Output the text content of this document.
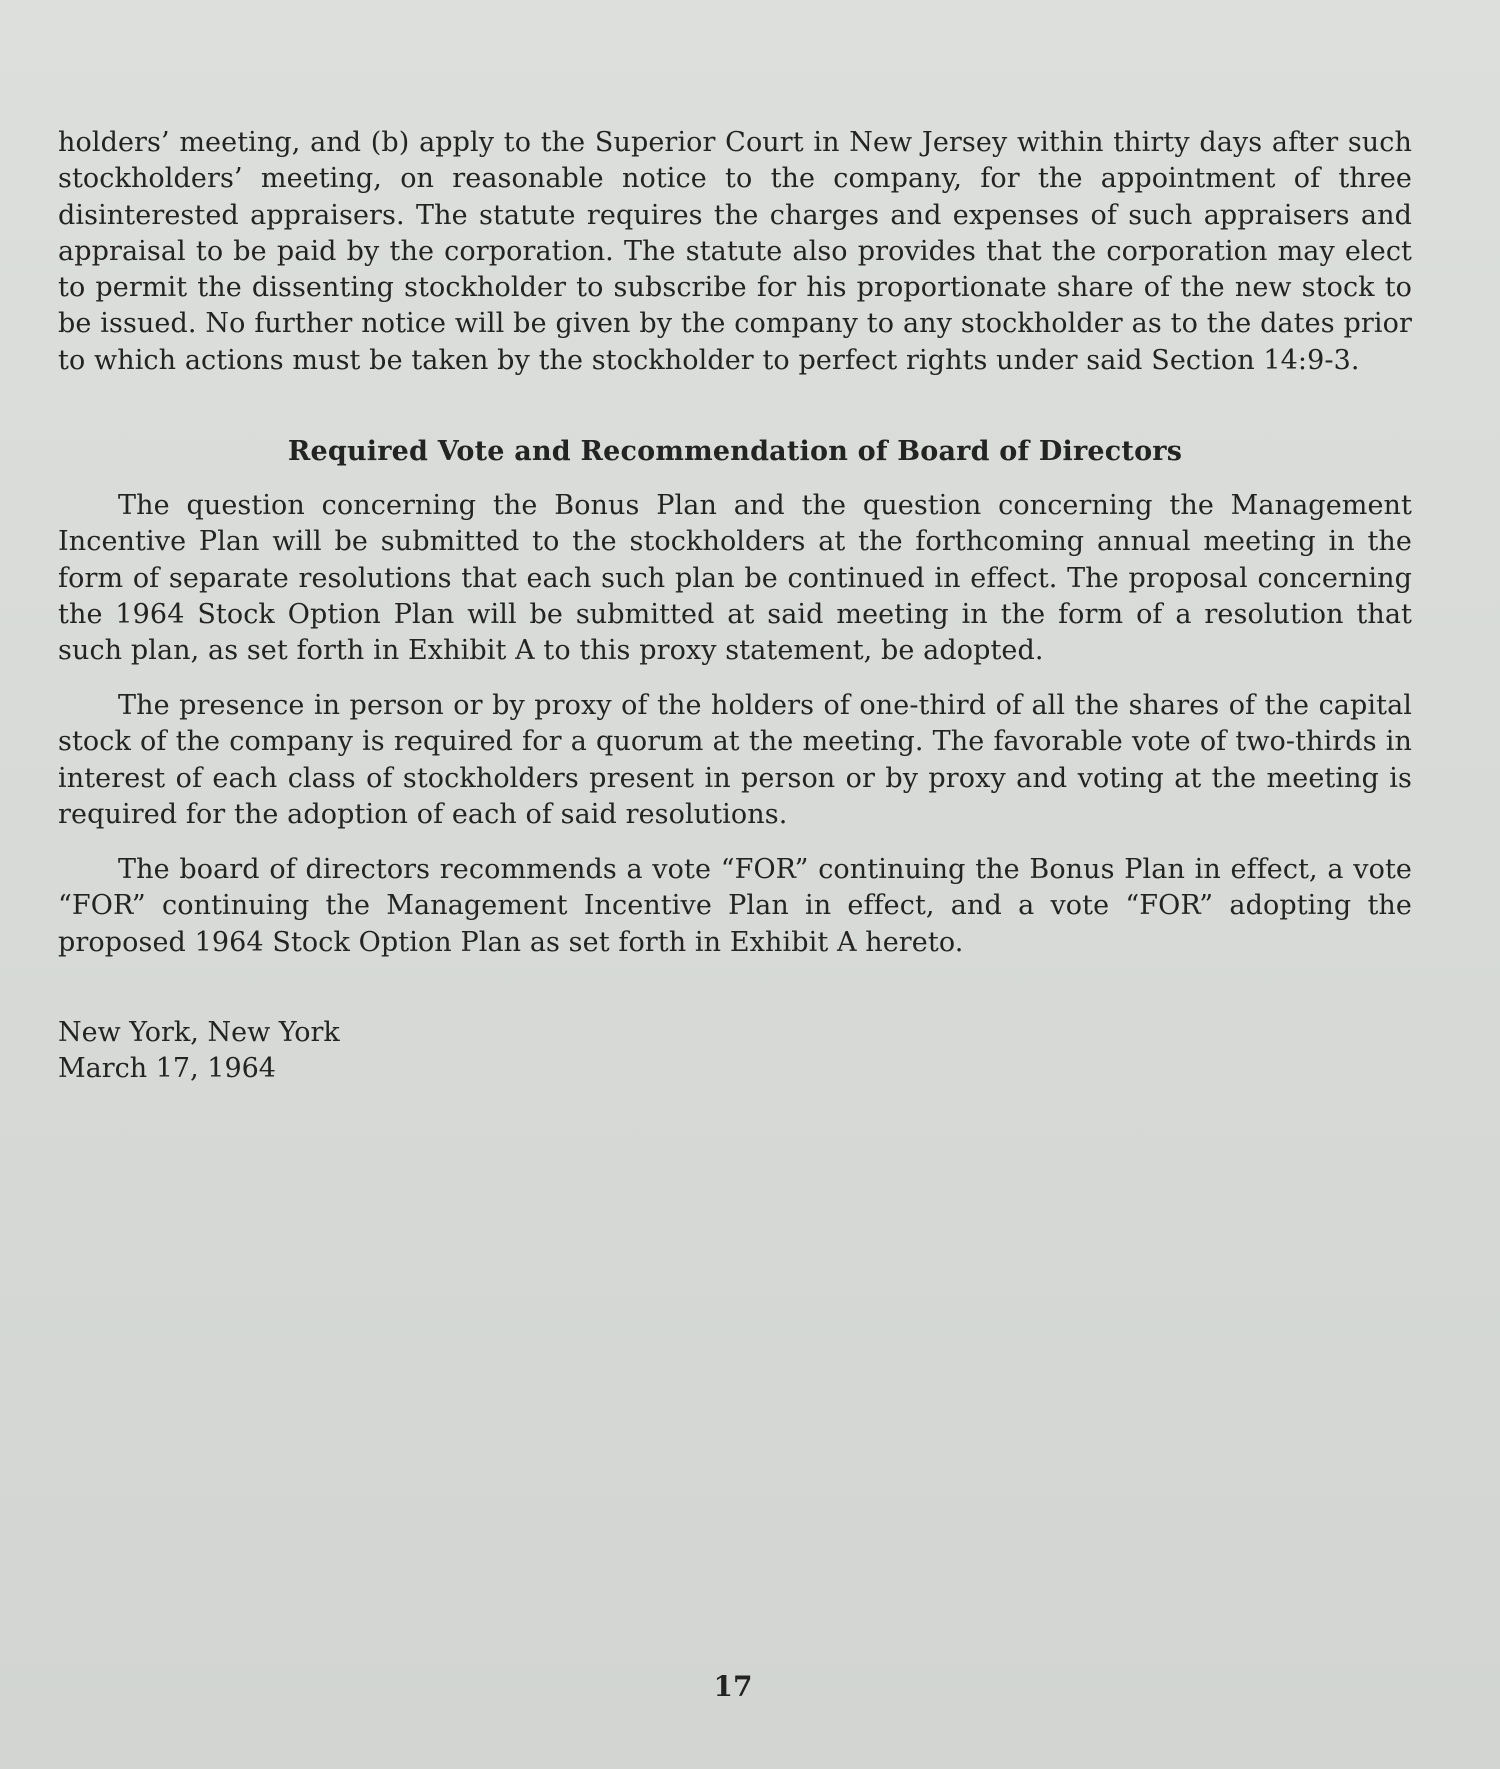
holders’ meeting, and (b) apply to the Superior Court in New Jersey within thirty days after such stockholders’ meeting, on reasonable notice to the company, for the appointment of three disinterested appraisers. The statute requires the charges and expenses of such appraisers and appraisal to be paid by the corporation. The statute also provides that the corporation may elect to permit the dissenting stockholder to subscribe for his proportionate share of the new stock to be issued. No further notice will be given by the company to any stockholder as to the dates prior to which actions must be taken by the stockholder to perfect rights under said Section 14:9-3.

Required Vote and Recommendation of Board of Directors

The question concerning the Bonus Plan and the question concerning the Management Incentive Plan will be submitted to the stockholders at the forthcoming annual meeting in the form of separate resolutions that each such plan be continued in effect. The proposal concerning the 1964 Stock Option Plan will be submitted at said meeting in the form of a resolution that such plan, as set forth in Exhibit A to this proxy statement, be adopted.

The presence in person or by proxy of the holders of one-third of all the shares of the capital stock of the company is required for a quorum at the meeting. The favorable vote of two-thirds in interest of each class of stockholders present in person or by proxy and voting at the meeting is required for the adoption of each of said resolutions.

The board of directors recommends a vote “FOR” continuing the Bonus Plan in effect, a vote “FOR” continuing the Management Incentive Plan in effect, and a vote “FOR” adopting the proposed 1964 Stock Option Plan as set forth in Exhibit A hereto.

New York, New York
March 17, 1964
17
